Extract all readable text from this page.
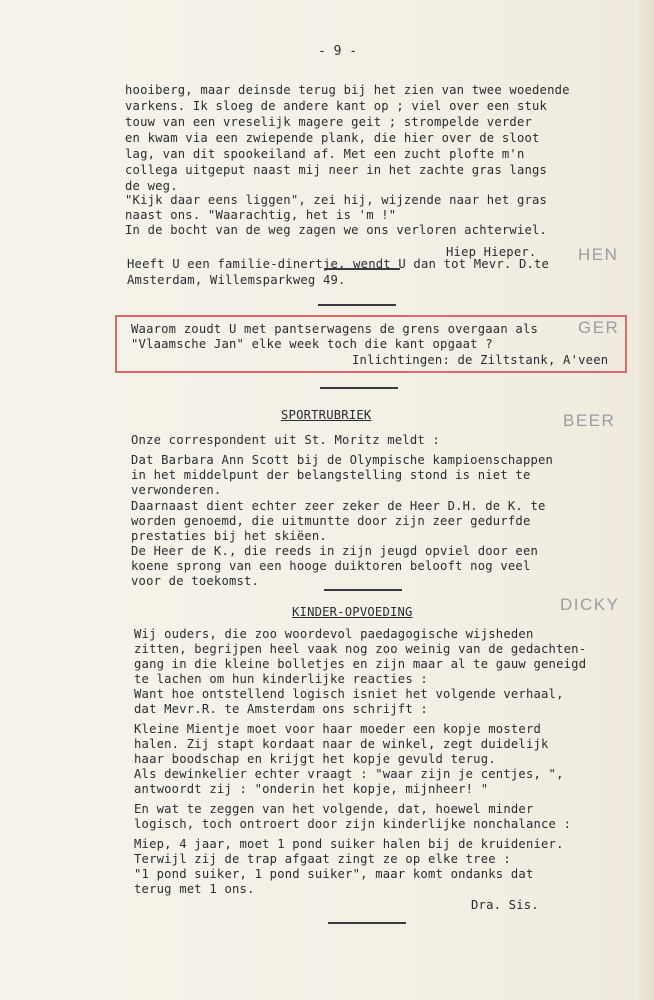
- 9 -
hooiberg, maar deinsde terug bij het zien van twee woedende
varkens. Ik sloeg de andere kant op ; viel over een stuk
touw van een vreselijk magere geit ; strompelde verder
en kwam via een zwiepende plank, die hier over de sloot
lag, van dit spookeiland af. Met een zucht plofte m'n
collega uitgeput naast mij neer in het zachte gras langs
de weg.
"Kijk daar eens liggen", zei hij, wijzende naar het gras
naast ons. "Waarachtig, het is 'm !"
In de bocht van de weg zagen we ons verloren achterwiel.
Hiep Hieper.
Heeft U een familie-dinertje, wendt U dan tot Mevr. D.te
Amsterdam, Willemsparkweg 49.
HEN
Waarom zoudt U met pantserwagens de grens overgaan als
"Vlaamsche Jan" elke week toch die kant opgaat ?
Inlichtingen: de Ziltstank, A'veen
GER
SPORTRUBRIEK	BEER
Onze correspondent uit St. Moritz meldt :
Dat Barbara Ann Scott bij de Olympische kampioenschappen
in het middelpunt der belangstelling stond is niet te
verwonderen.
Daarnaast dient echter zeer zeker de Heer D.H. de K. te
worden genoemd, die uitmuntte door zijn zeer gedurfde
prestaties bij het skiëen.
De Heer de K., die reeds in zijn jeugd opviel door een
koene sprong van een hooge duiktoren belooft nog veel
voor de toekomst.
KINDER-OPVOEDING	DICKY
Wij ouders, die zoo woordevol paedagogische wijsheden
zitten, begrijpen heel vaak nog zoo weinig van de gedachten-
gang in die kleine bolletjes en zijn maar al te gauw geneigd
te lachen om hun kinderlijke reacties :
Want hoe ontstellend logisch isniet het volgende verhaal,
dat Mevr.R. te Amsterdam ons schrijft :
Kleine Mientje moet voor haar moeder een kopje mosterd
halen. Zij stapt kordaat naar de winkel, zegt duidelijk
haar boodschap en krijgt het kopje gevuld terug.
Als dewinkelier echter vraagt : "waar zijn je centjes, ",
antwoordt zij : "onderin het kopje, mijnheer! "
En wat te zeggen van het volgende, dat, hoewel minder
logisch, toch ontroert door zijn kinderlijke nonchalance :
Miep, 4 jaar, moet 1 pond suiker halen bij de kruidenier.
Terwijl zij de trap afgaat zingt ze op elke tree :
"1 pond suiker, 1 pond suiker", maar komt ondanks dat
terug met 1 ons.
Dra. Sis.
